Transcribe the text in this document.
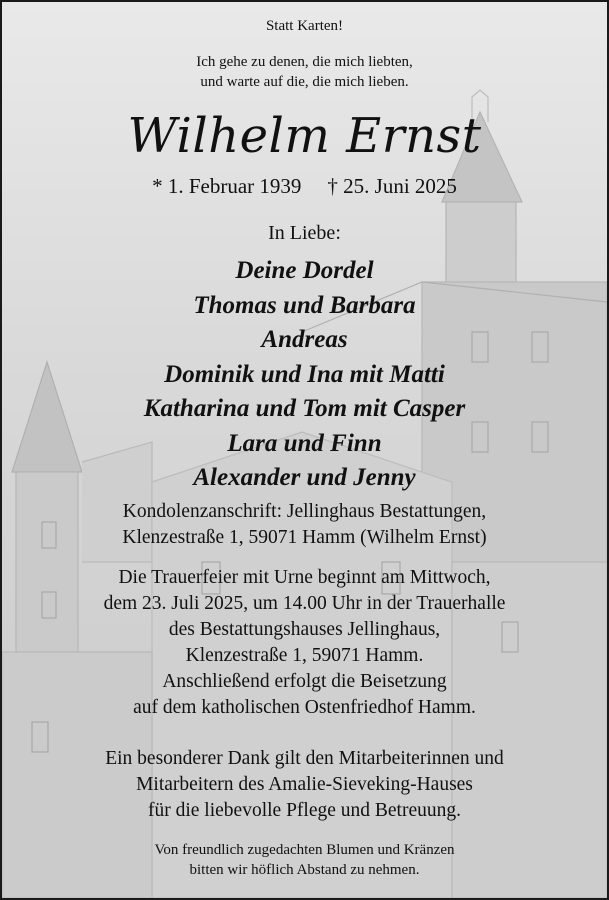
Statt Karten!
Ich gehe zu denen, die mich liebten,
und warte auf die, die mich lieben.
Wilhelm Ernst
* 1. Februar 1939 † 25. Juni 2025
In Liebe:
Deine Dordel
Thomas und Barbara
Andreas
Dominik und Ina mit Matti
Katharina und Tom mit Casper
Lara und Finn
Alexander und Jenny
Kondolenzanschrift: Jellinghaus Bestattungen,
Klenzestraße 1, 59071 Hamm (Wilhelm Ernst)
Die Trauerfeier mit Urne beginnt am Mittwoch,
dem 23. Juli 2025, um 14.00 Uhr in der Trauerhalle
des Bestattungshauses Jellinghaus,
Klenzestraße 1, 59071 Hamm.
Anschließend erfolgt die Beisetzung
auf dem katholischen Ostenfriedhof Hamm.
Ein besonderer Dank gilt den Mitarbeiterinnen und
Mitarbeitern des Amalie-Sieveking-Hauses
für die liebevolle Pflege und Betreuung.
Von freundlich zugedachten Blumen und Kränzen
bitten wir höflich Abstand zu nehmen.
